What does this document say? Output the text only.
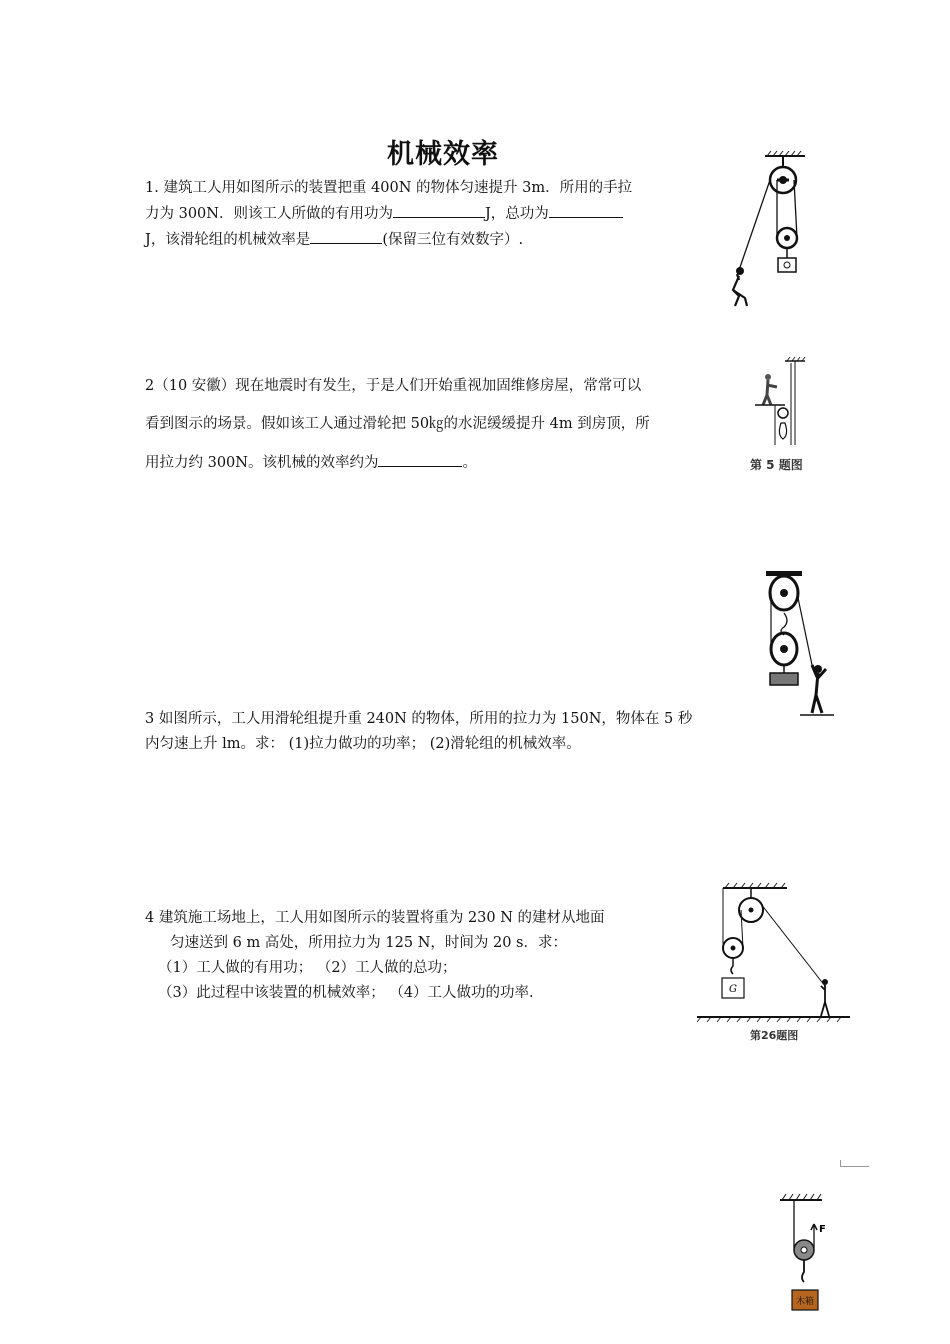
机械效率
1. 建筑工人用如图所示的装置把重 400N 的物体匀速提升 3m．所用的手拉
力为 300N．则该工人所做的有用功为	J，总功为
J，该滑轮组的机械效率是	(保留三位有效数字）.
2（10 安徽）现在地震时有发生，于是人们开始重视加固维修房屋，常常可以
看到图示的场景。假如该工人通过滑轮把 50㎏的水泥缓缓提升 4m 到房顶，所
用拉力约 300N。该机械的效率约为	。	第 5 题图
3 如图所示，工人用滑轮组提升重 240N 的物体，所用的拉力为 150N，物体在 5 秒
内匀速上升 lm。求： (1)拉力做功的功率； (2)滑轮组的机械效率。
4 建筑施工场地上，工人用如图所示的装置将重为 230 N 的建材从地面
匀速送到 6 m 高处，所用拉力为 125 N，时间为 20 s．求：
（1）工人做的有用功； （2）工人做的总功；
（3）此过程中该装置的机械效率； （4）工人做功的功率.	G
第26题图
F
木箱
